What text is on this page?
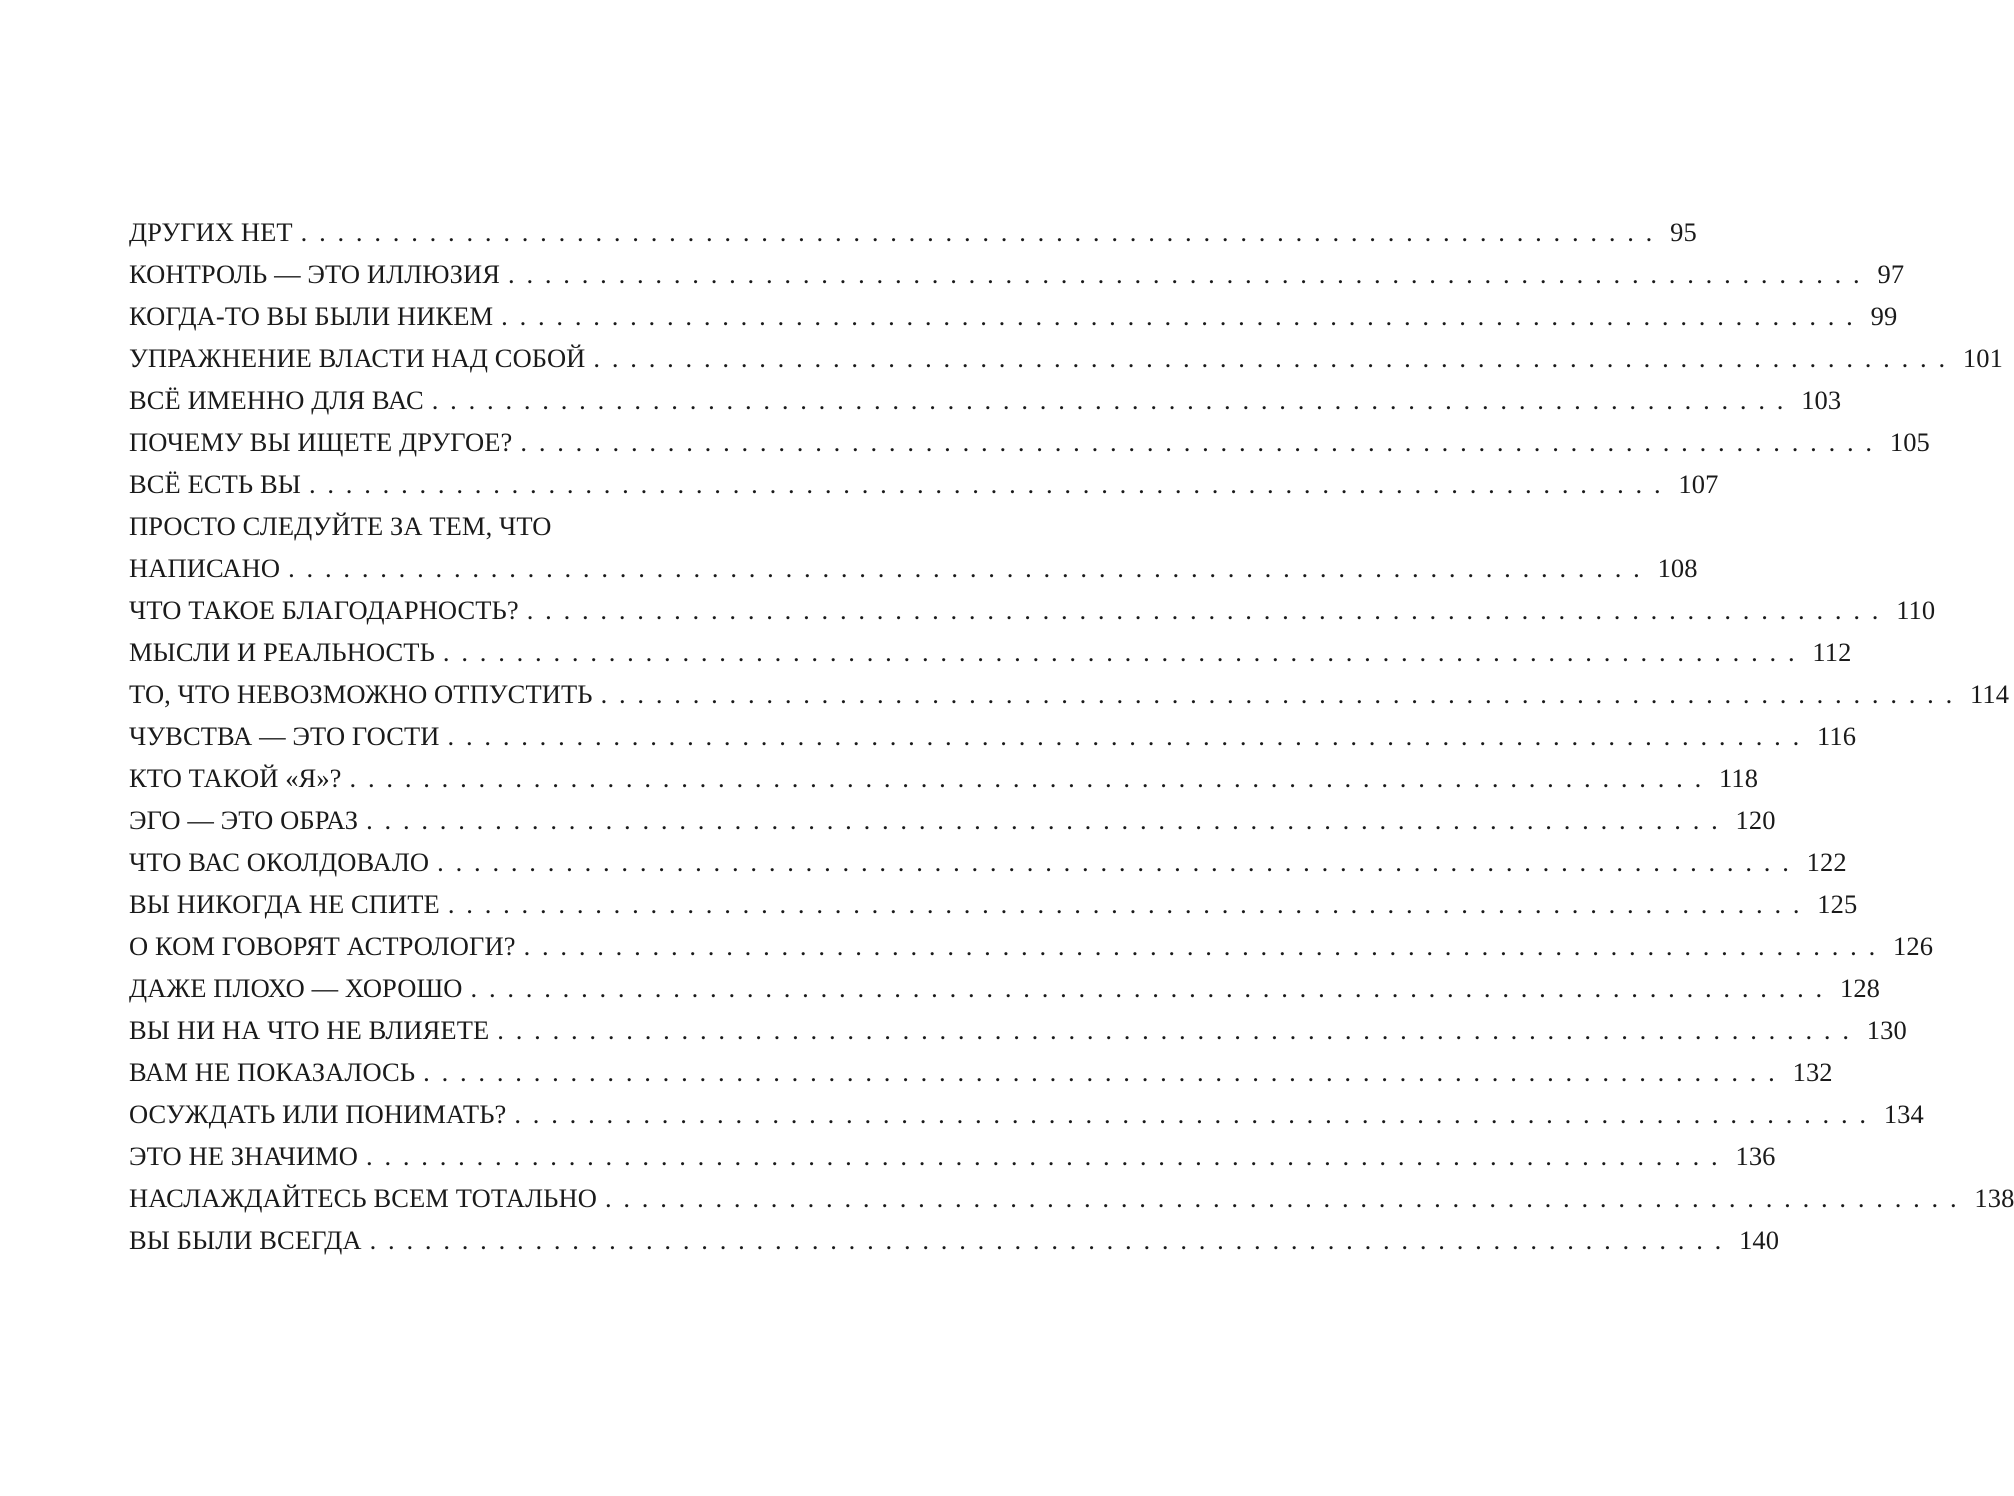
ДРУГИХ НЕТ .......................................................................... 95
КОНТРОЛЬ — ЭТО ИЛЛЮЗИЯ .......................................................................... 97
КОГДА-ТО ВЫ БЫЛИ НИКЕМ .......................................................................... 99
УПРАЖНЕНИЕ ВЛАСТИ НАД СОБОЙ .......................................................................... 101
ВСЁ ИМЕННО ДЛЯ ВАС .......................................................................... 103
ПОЧЕМУ ВЫ ИЩЕТЕ ДРУГОЕ? .......................................................................... 105
ВСЁ ЕСТЬ ВЫ .......................................................................... 107
ПРОСТО СЛЕДУЙТЕ ЗА ТЕМ, ЧТО
НАПИСАНО .......................................................................... 108
ЧТО ТАКОЕ БЛАГОДАРНОСТЬ? .......................................................................... 110
МЫСЛИ И РЕАЛЬНОСТЬ .......................................................................... 112
ТО, ЧТО НЕВОЗМОЖНО ОТПУСТИТЬ .......................................................................... 114
ЧУВСТВА — ЭТО ГОСТИ .......................................................................... 116
КТО ТАКОЙ «Я»? .......................................................................... 118
ЭГО — ЭТО ОБРАЗ .......................................................................... 120
ЧТО ВАС ОКОЛДОВАЛО .......................................................................... 122
ВЫ НИКОГДА НЕ СПИТЕ .......................................................................... 125
О КОМ ГОВОРЯТ АСТРОЛОГИ? .......................................................................... 126
ДАЖЕ ПЛОХО — ХОРОШО .......................................................................... 128
ВЫ НИ НА ЧТО НЕ ВЛИЯЕТЕ .......................................................................... 130
ВАМ НЕ ПОКАЗАЛОСЬ .......................................................................... 132
ОСУЖДАТЬ ИЛИ ПОНИМАТЬ? .......................................................................... 134
ЭТО НЕ ЗНАЧИМО .......................................................................... 136
НАСЛАЖДАЙТЕСЬ ВСЕМ ТОТАЛЬНО .......................................................................... 138
ВЫ БЫЛИ ВСЕГДА .......................................................................... 140
